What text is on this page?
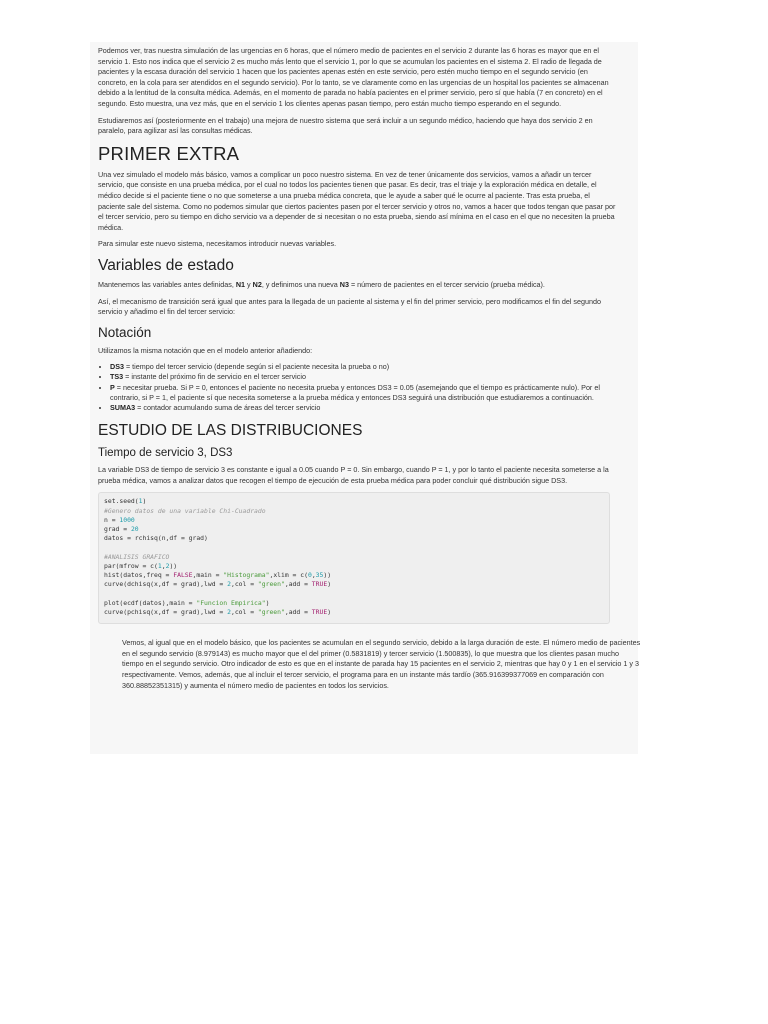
Podemos ver, tras nuestra simulación de las urgencias en 6 horas, que el número medio de pacientes en el servicio 2 durante las 6 horas es mayor que en el servicio 1. Esto nos indica que el servicio 2 es mucho más lento que el servicio 1, por lo que se acumulan los pacientes en el sistema 2. El radio de llegada de pacientes y la escasa duración del servicio 1 hacen que los pacientes apenas estén en este servicio, pero estén mucho tiempo en el segundo servicio (en concreto, en la cola para ser atendidos en el segundo servicio). Por lo tanto, se ve claramente como en las urgencias de un hospital los pacientes se almacenan debido a la lentitud de la consulta médica. Además, en el momento de parada no había pacientes en el primer servicio, pero sí que había (7 en concreto) en el segundo. Esto muestra, una vez más, que en el servicio 1 los clientes apenas pasan tiempo, pero están mucho tiempo esperando en el segundo.

Estudiaremos así (posteriormente en el trabajo) una mejora de nuestro sistema que será incluir a un segundo médico, haciendo que haya dos servicio 2 en paralelo, para agilizar así las consultas médicas.

PRIMER EXTRA

Una vez simulado el modelo más básico, vamos a complicar un poco nuestro sistema. En vez de tener únicamente dos servicios, vamos a añadir un tercer servicio, que consiste en una prueba médica, por el cual no todos los pacientes tienen que pasar. Es decir, tras el triaje y la exploración médica en detalle, el médico decide si el paciente tiene o no que someterse a una prueba médica concreta, que le ayude a saber qué le ocurre al paciente. Tras esta prueba, el paciente sale del sistema. Como no podemos simular que ciertos pacientes pasen por el tercer servicio y otros no, vamos a hacer que todos tengan que pasar por el tercer servicio, pero su tiempo en dicho servicio va a depender de si necesitan o no esta prueba, siendo así mínima en el caso en el que no necesiten la prueba médica.

Para simular este nuevo sistema, necesitamos introducir nuevas variables.

Variables de estado

Mantenemos las variables antes definidas, N1 y N2, y definimos una nueva N3 = número de pacientes en el tercer servicio (prueba médica).

Así, el mecanismo de transición será igual que antes para la llegada de un paciente al sistema y el fin del primer servicio, pero modificamos el fin del segundo servicio y añadimo el fin del tercer servicio:

Notación

Utilizamos la misma notación que en el modelo anterior añadiendo:

• DS3 = tiempo del tercer servicio (depende según si el paciente necesita la prueba o no)
• TS3 = instante del próximo fin de servicio en el tercer servicio
• P = necesitar prueba. Si P = 0, entonces el paciente no necesita prueba y entonces DS3 = 0.05 (asemejando que el tiempo es prácticamente nulo). Por el contrario, si P = 1, el paciente sí que necesita someterse a la prueba médica y entonces DS3 seguirá una distribución que estudiaremos a continuación.
• SUMA3 = contador acumulando suma de áreas del tercer servicio
ESTUDIO DE LAS DISTRIBUCIONES
Tiempo de servicio 3, DS3

La variable DS3 de tiempo de servicio 3 es constante e igual a 0.05 cuando P = 0. Sin embargo, cuando P = 1, y por lo tanto el paciente necesita someterse a la prueba médica, vamos a analizar datos que recogen el tiempo de ejecución de esta prueba médica para poder concluir qué distribución sigue DS3.

set.seed(1)
#Genero datos de una variable Chi-Cuadrado
n = 1000
grad = 20
datos = rchisq(n,df = grad)

#ANALISIS GRAFICO
par(mfrow = c(1,2))
hist(datos,freq = FALSE,main = "Histograma",xlim = c(0,35))
curve(dchisq(x,df = grad),lwd = 2,col = "green",add = TRUE)

plot(ecdf(datos),main = "Funcion Empirica")
curve(pchisq(x,df = grad),lwd = 2,col = "green",add = TRUE)

Vemos, al igual que en el modelo básico, que los pacientes se acumulan en el segundo servicio, debido a la larga duración de este. El número medio de pacientes en el segundo servicio (8.979143) es mucho mayor que el del primer (0.5831819) y tercer servicio (1.500835), lo que muestra que los clientes pasan mucho tiempo en el segundo servicio. Otro indicador de esto es que en el instante de parada hay 15 pacientes en el servicio 2, mientras que hay 0 y 1 en el servicio 1 y 3 respectivamente. Vemos, además, que al incluir el tercer servicio, el programa para en un instante más tardío (365.916399377069 en comparación con 360.88852351315) y aumenta el número medio de pacientes en todos los servicios.
